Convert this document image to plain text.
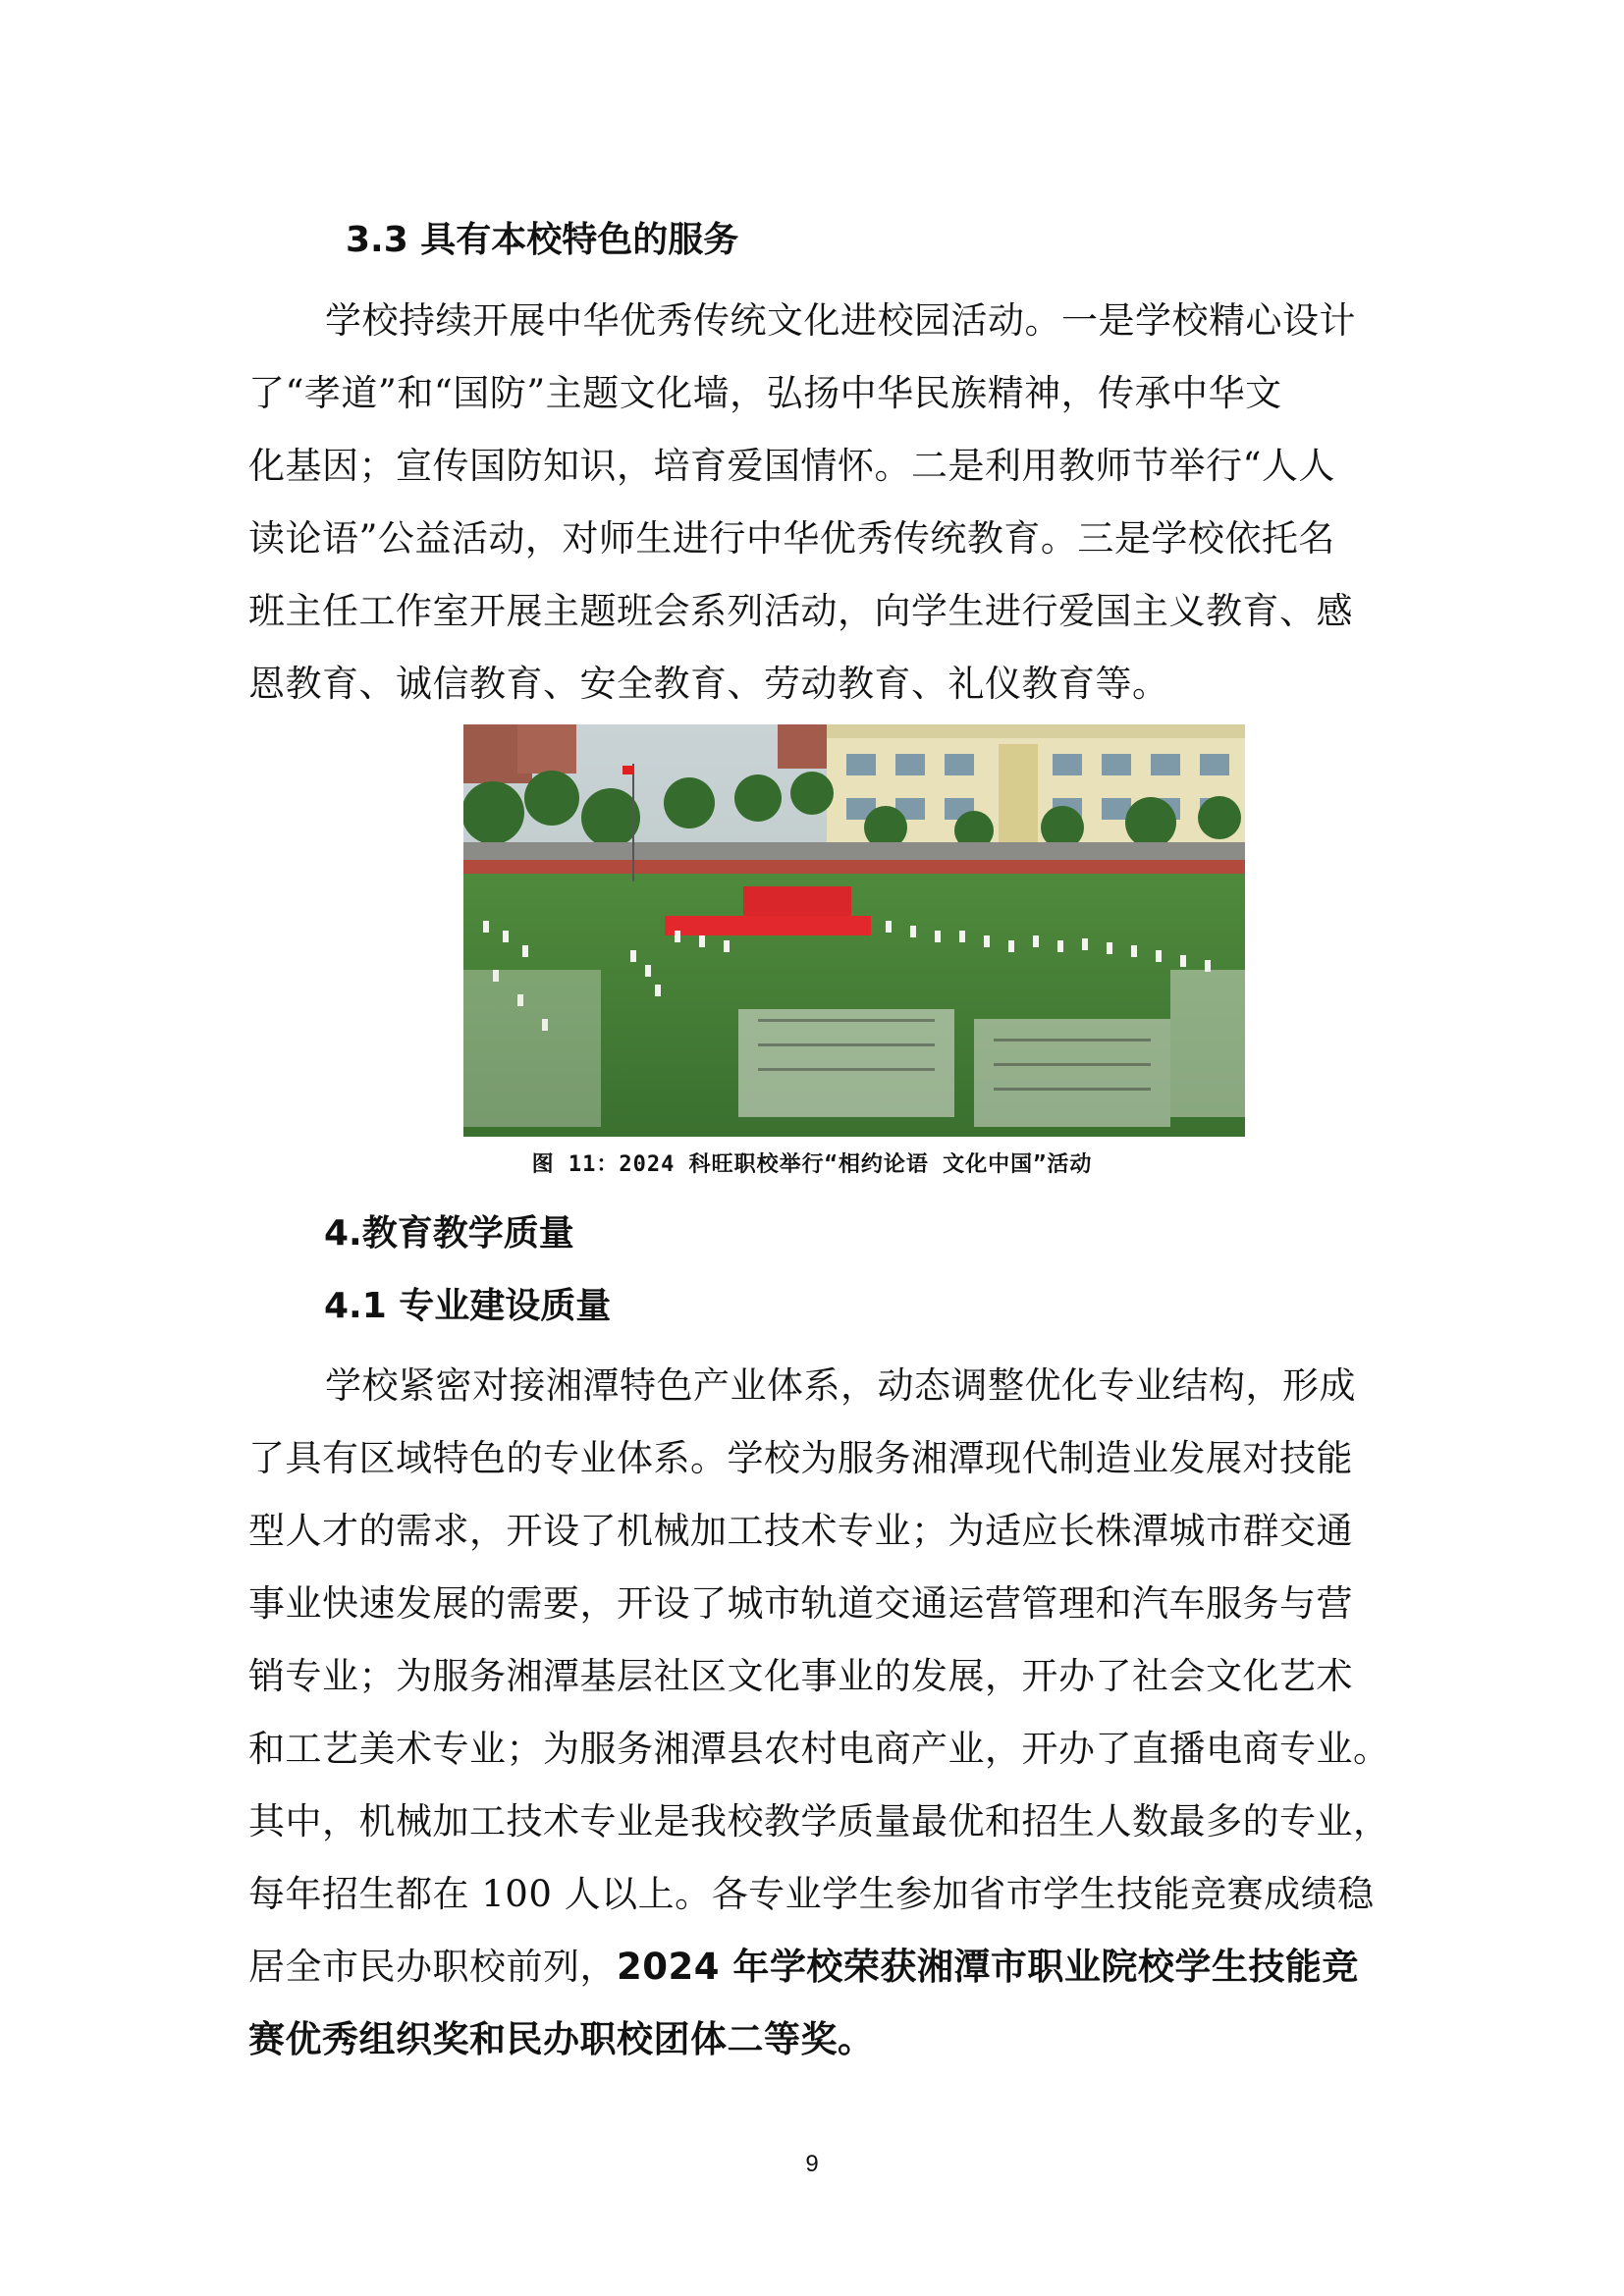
3.3 具有本校特色的服务
学校持续开展中华优秀传统文化进校园活动。一是学校精心设计
了“孝道”和“国防”主题文化墙，弘扬中华民族精神，传承中华文
化基因；宣传国防知识，培育爱国情怀。二是利用教师节举行“人人
读论语”公益活动，对师生进行中华优秀传统教育。三是学校依托名
班主任工作室开展主题班会系列活动，向学生进行爱国主义教育、感
恩教育、诚信教育、安全教育、劳动教育、礼仪教育等。
图 11：2024 科旺职校举行“相约论语 文化中国”活动
4.教育教学质量
4.1 专业建设质量
学校紧密对接湘潭特色产业体系，动态调整优化专业结构，形成
了具有区域特色的专业体系。学校为服务湘潭现代制造业发展对技能
型人才的需求，开设了机械加工技术专业；为适应长株潭城市群交通
事业快速发展的需要，开设了城市轨道交通运营管理和汽车服务与营
销专业；为服务湘潭基层社区文化事业的发展，开办了社会文化艺术
和工艺美术专业；为服务湘潭县农村电商产业，开办了直播电商专业。
其中，机械加工技术专业是我校教学质量最优和招生人数最多的专业，
每年招生都在 100 人以上。各专业学生参加省市学生技能竞赛成绩稳
居全市民办职校前列，2024 年学校荣获湘潭市职业院校学生技能竞
赛优秀组织奖和民办职校团体二等奖。
9
